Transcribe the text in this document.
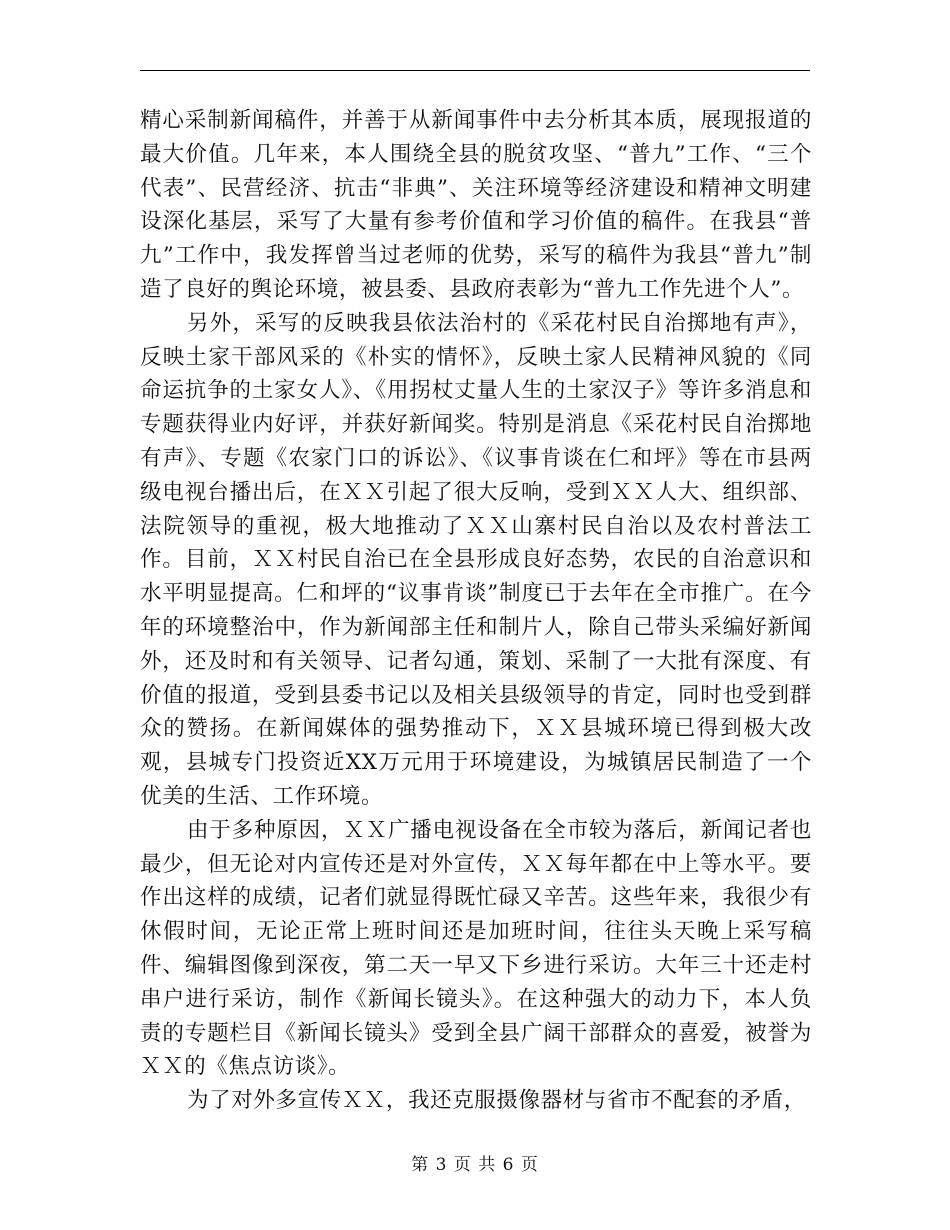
精心采制新闻稿件，并善于从新闻事件中去分析其本质，展现报道的最大价值。几年来，本人围绕全县的脱贫攻坚、“普九”工作、“三个代表”、民营经济、抗击“非典”、关注环境等经济建设和精神文明建设深化基层，采写了大量有参考价值和学习价值的稿件。在我县“普九”工作中，我发挥曾当过老师的优势，采写的稿件为我县“普九”制造了良好的舆论环境，被县委、县政府表彰为“普九工作先进个人”。

另外，采写的反映我县依法治村的《采花村民自治掷地有声》，反映土家干部风采的《朴实的情怀》，反映土家人民精神风貌的《同命运抗争的土家女人》、《用拐杖丈量人生的土家汉子》等许多消息和专题获得业内好评，并获好新闻奖。特别是消息《采花村民自治掷地有声》、专题《农家门口的诉讼》、《议事肯谈在仁和坪》等在市县两级电视台播出后，在ＸＸ引起了很大反响，受到ＸＸ人大、组织部、法院领导的重视，极大地推动了ＸＸ山寨村民自治以及农村普法工作。目前，ＸＸ村民自治已在全县形成良好态势，农民的自治意识和水平明显提高。仁和坪的“议事肯谈”制度已于去年在全市推广。在今年的环境整治中，作为新闻部主任和制片人，除自己带头采编好新闻外，还及时和有关领导、记者勾通，策划、采制了一大批有深度、有价值的报道，受到县委书记以及相关县级领导的肯定，同时也受到群众的赞扬。在新闻媒体的强势推动下，ＸＸ县城环境已得到极大改观，县城专门投资近XX万元用于环境建设，为城镇居民制造了一个优美的生活、工作环境。

由于多种原因，ＸＸ广播电视设备在全市较为落后，新闻记者也最少，但无论对内宣传还是对外宣传，ＸＸ每年都在中上等水平。要作出这样的成绩，记者们就显得既忙碌又辛苦。这些年来，我很少有休假时间，无论正常上班时间还是加班时间，往往头天晚上采写稿件、编辑图像到深夜，第二天一早又下乡进行采访。大年三十还走村串户进行采访，制作《新闻长镜头》。在这种强大的动力下，本人负责的专题栏目《新闻长镜头》受到全县广阔干部群众的喜爱，被誉为ＸＸ的《焦点访谈》。

为了对外多宣传ＸＸ，我还克服摄像器材与省市不配套的矛盾，

第 3 页 共 6 页
